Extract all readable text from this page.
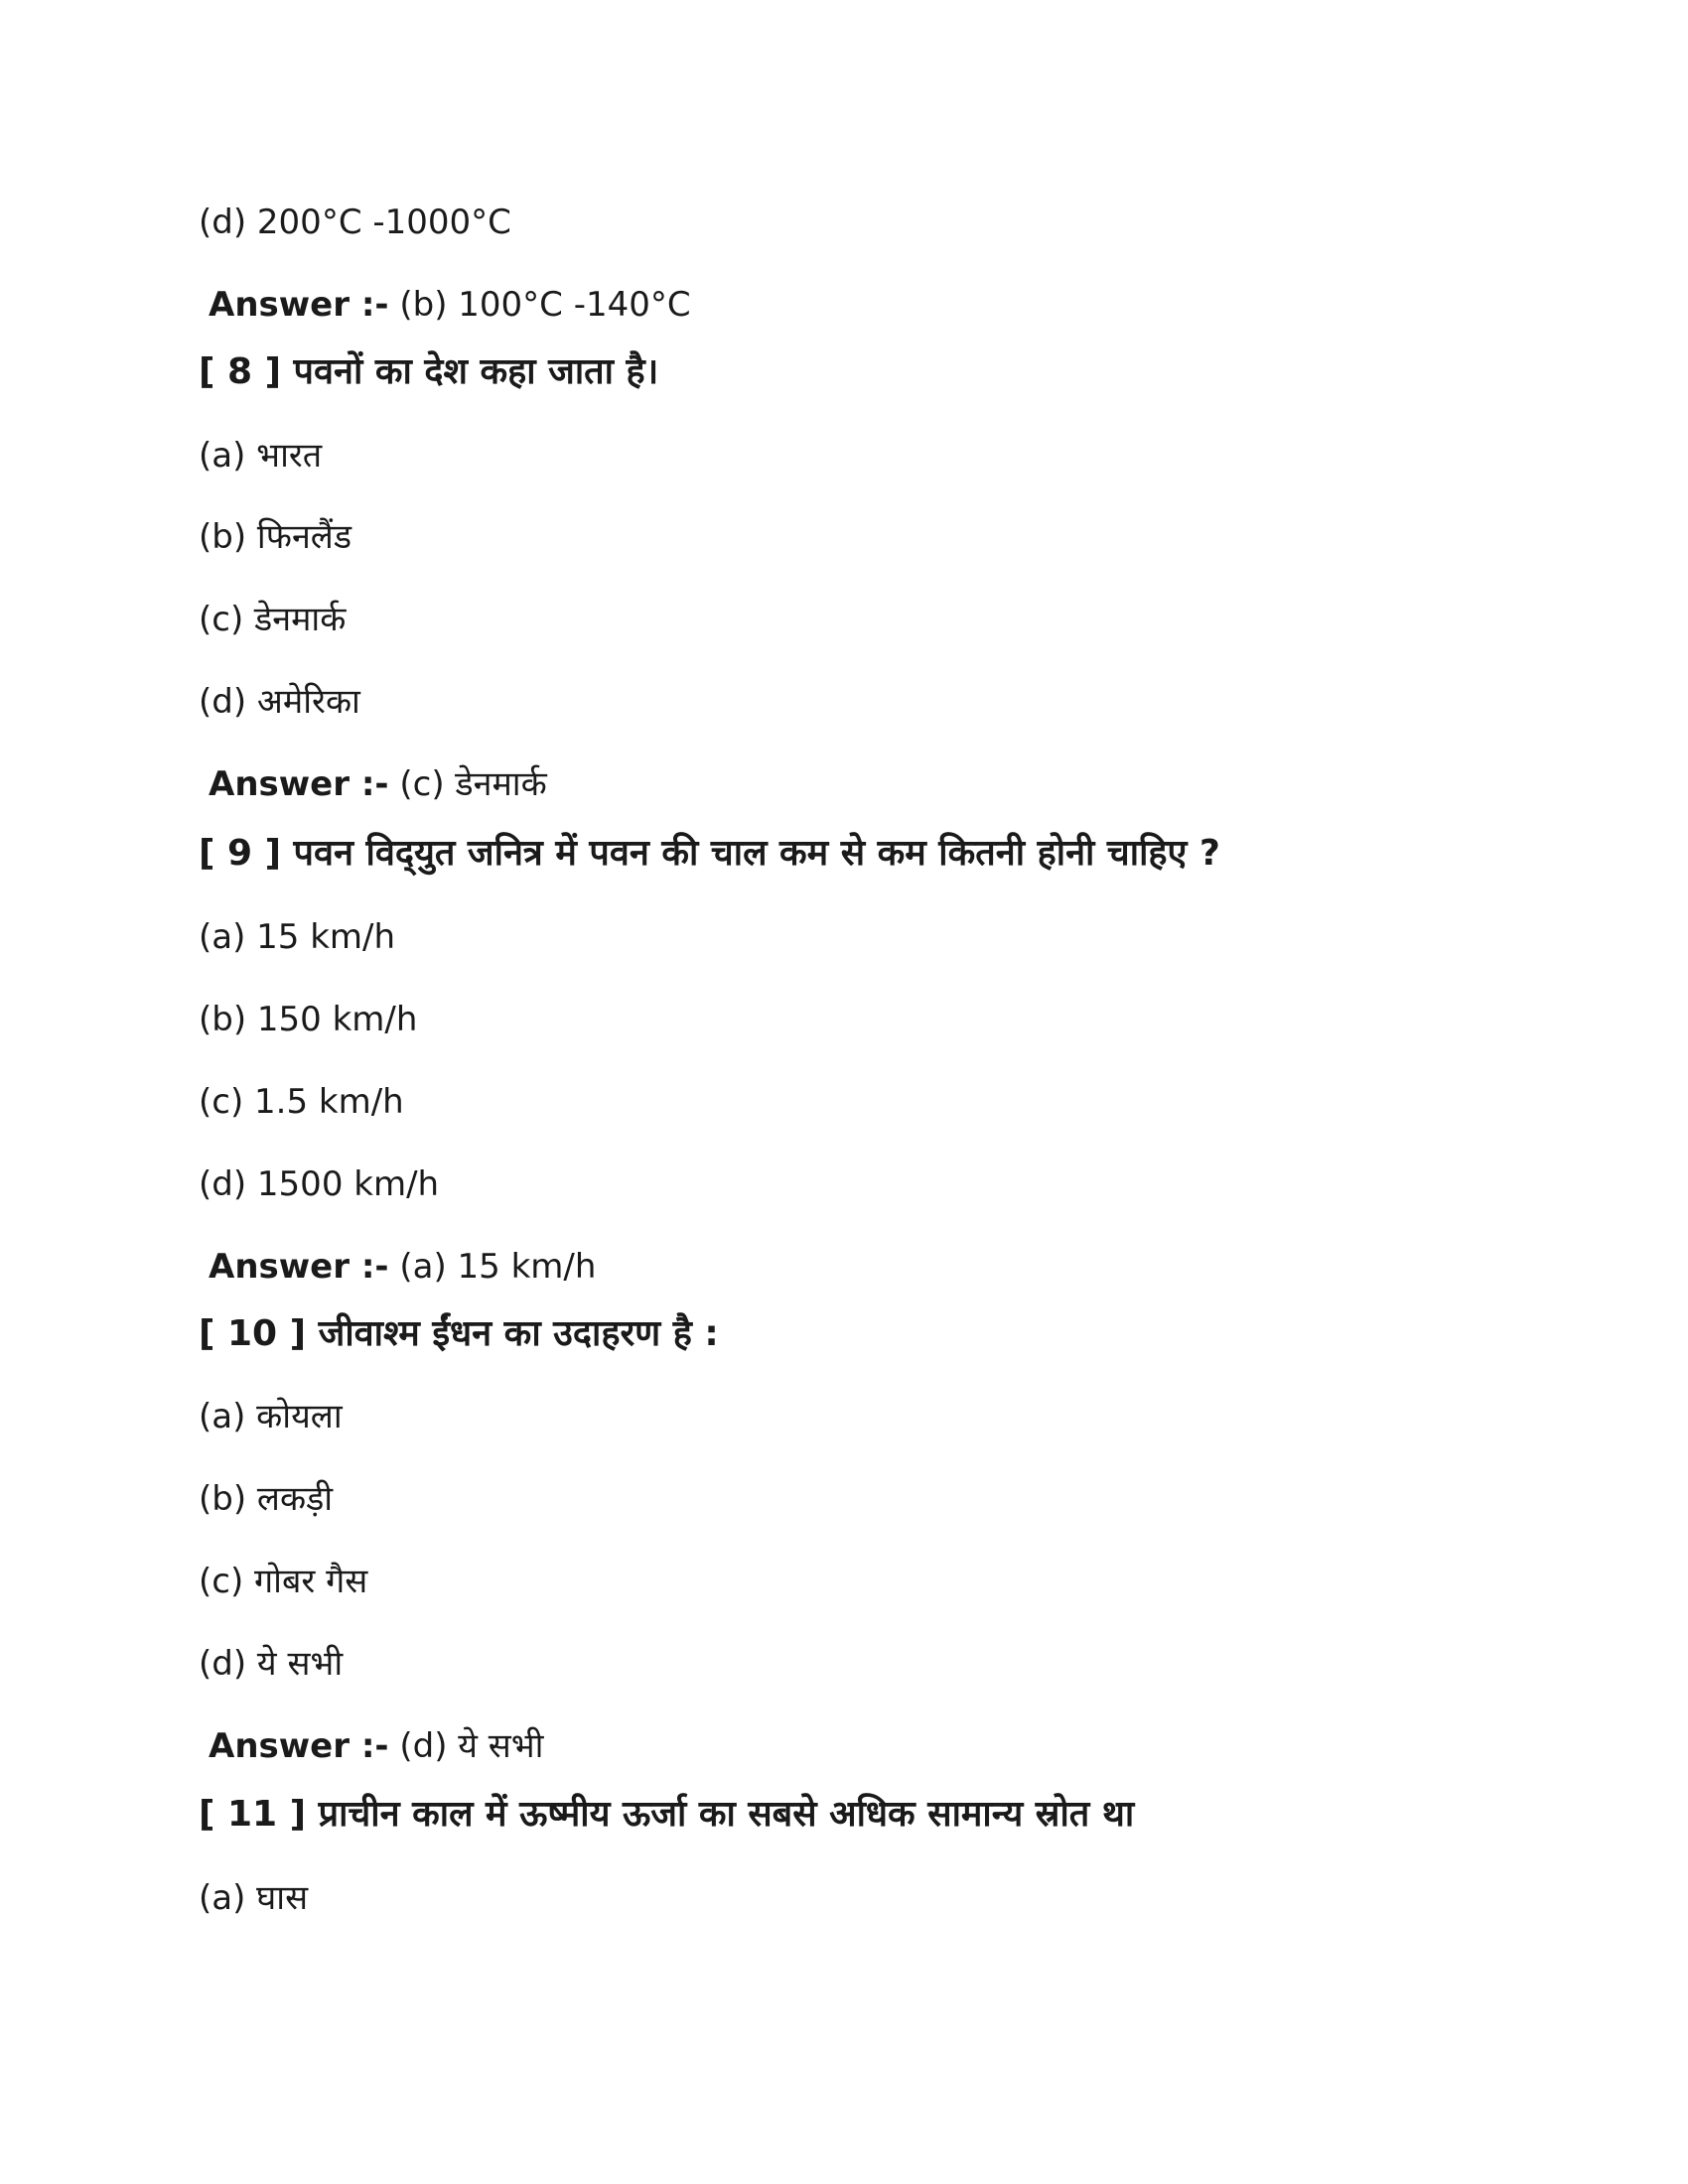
(d) 200°C -1000°C
Answer :- (b) 100°C -140°C
[ 8 ] पवनों का देश कहा जाता है।
(a) भारत
(b) फिनलैंड
(c) डेनमार्क
(d) अमेरिका
Answer :- (c) डेनमार्क
[ 9 ] पवन विद्‌युत जनित्र में पवन की चाल कम से कम कितनी होनी चाहिए ?
(a) 15 km/h
(b) 150 km/h
(c) 1.5 km/h
(d) 1500 km/h
Answer :- (a) 15 km/h
[ 10 ] जीवाश्म ईंधन का उदाहरण है :
(a) कोयला
(b) लकड़ी
(c) गोबर गैस
(d) ये सभी
Answer :- (d) ये सभी
[ 11 ] प्राचीन काल में ऊष्मीय ऊर्जा का सबसे अधिक सामान्य स्रोत था
(a) घास
